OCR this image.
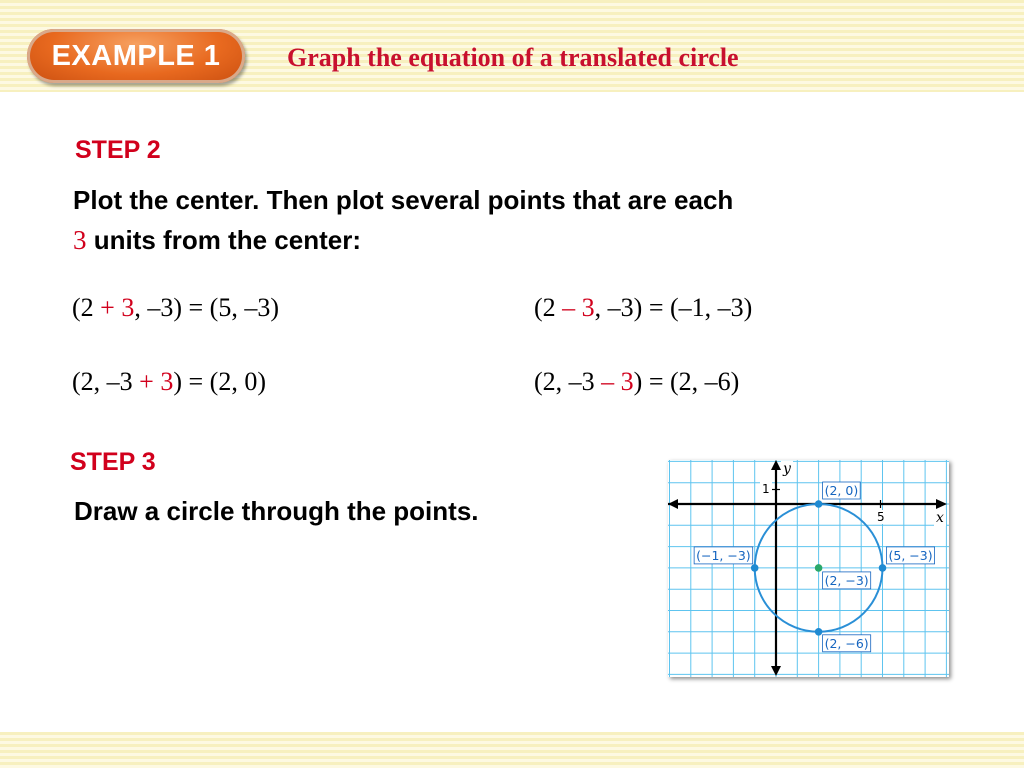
EXAMPLE 1	Graph the equation of a translated circle
STEP 2
Plot the center. Then plot several points that are each
3 units from the center:
(2 + 3, –3) = (5, –3)	(2 – 3, –3) = (–1, –3)
(2, –3 + 3) = (2, 0)	(2, –3 – 3) = (2, –6)
STEP 3
Draw a circle through the points.
y
x
1
5
(2, 0)
(−1, −3)	(5, −3)
(2, −6)
(2, −3)
